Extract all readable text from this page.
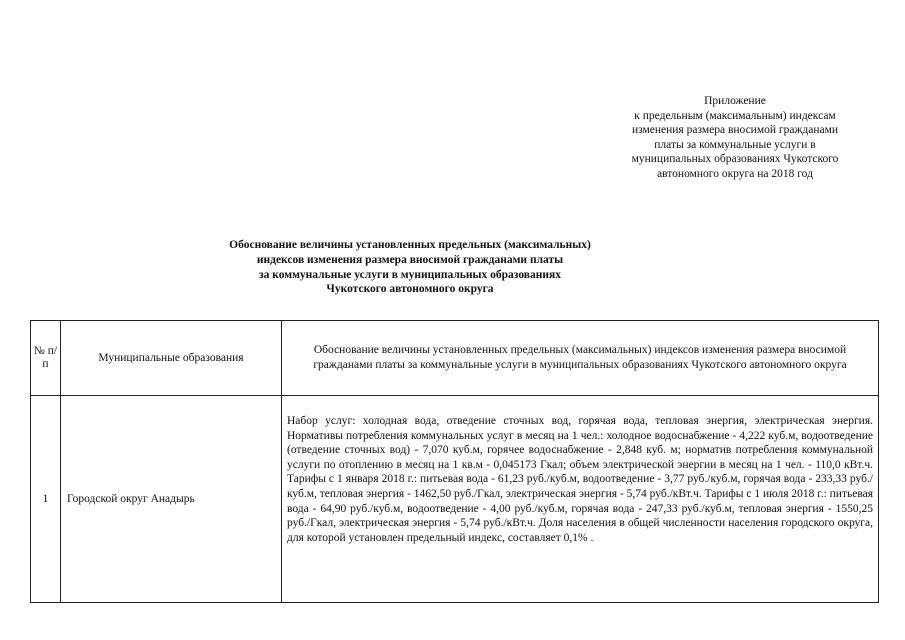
Приложение
к предельным (максимальным) индексам
изменения размера вносимой гражданами
платы за коммунальные услуги в
муниципальных образованиях Чукотского
автономного округа на 2018 год
Обоснование величины установленных предельных (максимальных)
индексов изменения размера вносимой гражданами платы
за коммунальные услуги в муниципальных образованиях
Чукотского автономного округа
№ п/п	Муниципальные образования	Обоснование величины установленных предельных (максимальных) индексов изменения размера вносимой гражданами платы за коммунальные услуги в муниципальных образованиях Чукотского автономного округа
1	Городской округ Анадырь	Набор услуг: холодная вода, отведение сточных вод, горячая вода, тепловая энергия, электрическая энергия. Нормативы потребления коммунальных услуг в месяц на 1 чел.: холодное водоснабжение - 4,222 куб.м, водоотведение (отведение сточных вод) - 7,070 куб.м, горячее водоснабжение - 2,848 куб. м; норматив потребления коммунальной услуги по отоплению в месяц на 1 кв.м - 0,045173 Гкал; объем электрической энергии в месяц на 1 чел. - 110,0 кВт.ч. Тарифы с 1 января 2018 г.: питьевая вода - 61,23 руб./куб.м, водоотведение - 3,77 руб./куб.м, горячая вода - 233,33 руб./куб.м, тепловая энергия - 1462,50 руб./Гкал, электрическая энергия - 5,74 руб./кВт.ч. Тарифы с 1 июля 2018 г.: питьевая вода - 64,90 руб./куб.м, водоотведение - 4,00 руб./куб.м, горячая вода - 247,33 руб./куб.м, тепловая энергия - 1550,25 руб./Гкал, электрическая энергия - 5,74 руб./кВт.ч. Доля населения в общей численности населения городского округа, для которой установлен предельный индекс, составляет 0,1% .
